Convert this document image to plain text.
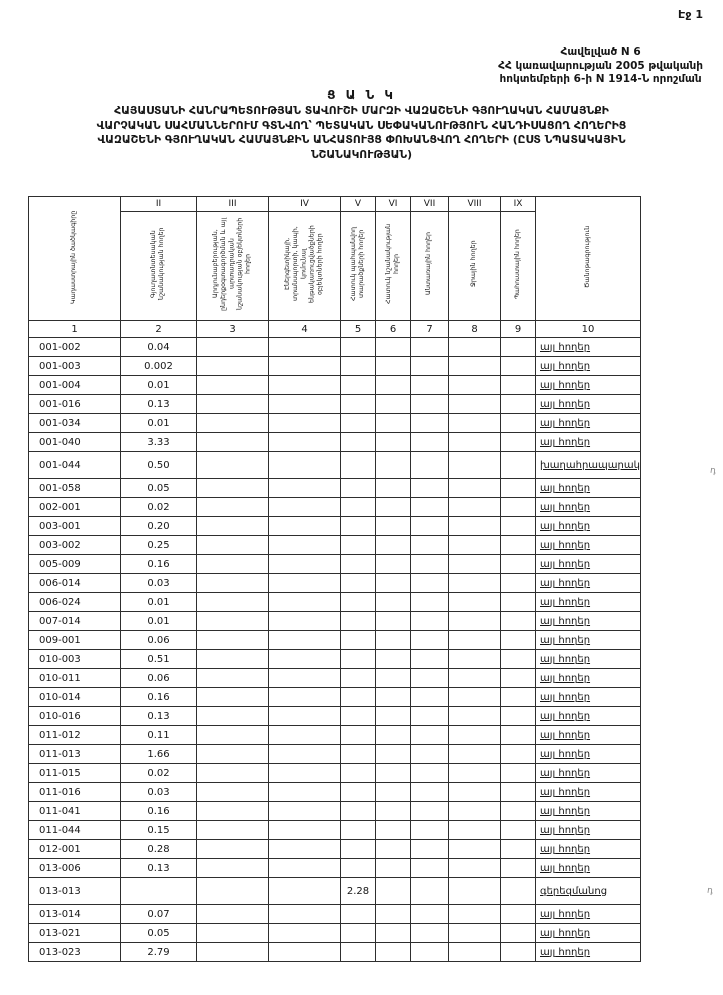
Էջ 1
Հավելված N 6
ՀՀ կառավարության 2005 թվականի
հոկտեմբերի 6-ի N 1914-Ն որոշման
Ց Ա Ն Կ
ՀԱՅԱՍՏԱՆԻ ՀԱՆՐԱՊԵՏՈՒԹՅԱՆ ՏԱՎՈՒՇԻ ՄԱՐԶԻ ՎԱԶԱՇԵՆԻ ԳՅՈՒՂԱԿԱՆ ՀԱՄԱՅՆՔԻ
ՎԱՐՉԱԿԱՆ ՍԱՀՄԱՆՆԵՐՈՒՄ ԳՏՆՎՈՂ՝ ՊԵՏԱԿԱՆ ՍԵՓԱԿԱՆՈՒԹՅՈՒՆ ՀԱՆԴԻՍԱՑՈՂ ՀՈՂԵՐԻՑ
ՎԱԶԱՇԵՆԻ ԳՅՈՒՂԱԿԱՆ ՀԱՄԱՅՆՔԻՆ ԱՆՀԱՏՈՒՅՑ ՓՈԽԱՆՑՎՈՂ ՀՈՂԵՐԻ (ԸՍՏ ՆՊԱՏԱԿԱՅԻՆ
ՆՇԱՆԱԿՈՒԹՅԱՆ)
Կադաստրային ծածկագիրը	II	III	IV	V	VI	VII	VIII	IX	Ծանոթագրություն
	Գյուղատնտեսական նշանակության հողեր	Արդյունաբերության, ընդերքօգտագործման և այլ արտադրական նշանակության օբյեկտների հողեր	Էներգետիկայի, տրանսպորտի, կապի, կոմունալ ենթակառուցվածքների օբյեկտների հողեր	Հատուկ պահպանվող տարածքների հողեր	Հատուկ նշանակության հողեր	Անտառային հողեր	Ջրային հողեր	Պահուստային հողեր	
1	2	3	4	5	6	7	8	9	10
001-002	0.04								այլ հողեր
001-003	0.002								այլ հողեր
001-004	0.01								այլ հողեր
001-016	0.13								այլ հողեր
001-034	0.01								այլ հողեր
001-040	3.33								այլ հողեր
001-044	0.50								խաղահրապարակ
001-058	0.05								այլ հողեր
002-001	0.02								այլ հողեր
003-001	0.20								այլ հողեր
003-002	0.25								այլ հողեր
005-009	0.16								այլ հողեր
006-014	0.03								այլ հողեր
006-024	0.01								այլ հողեր
007-014	0.01								այլ հողեր
009-001	0.06								այլ հողեր
010-003	0.51								այլ հողեր
010-011	0.06								այլ հողեր
010-014	0.16								այլ հողեր
010-016	0.13								այլ հողեր
011-012	0.11								այլ հողեր
011-013	1.66								այլ հողեր
011-015	0.02								այլ հողեր
011-016	0.03								այլ հողեր
011-041	0.16								այլ հողեր
011-044	0.15								այլ հողեր
012-001	0.28								այլ հողեր
013-006	0.13								այլ հողեր
013-013				2.28					գերեզմանոց
013-014	0.07								այլ հողեր
013-021	0.05								այլ հողեր
013-023	2.79								այլ հողեր
դ
դ
